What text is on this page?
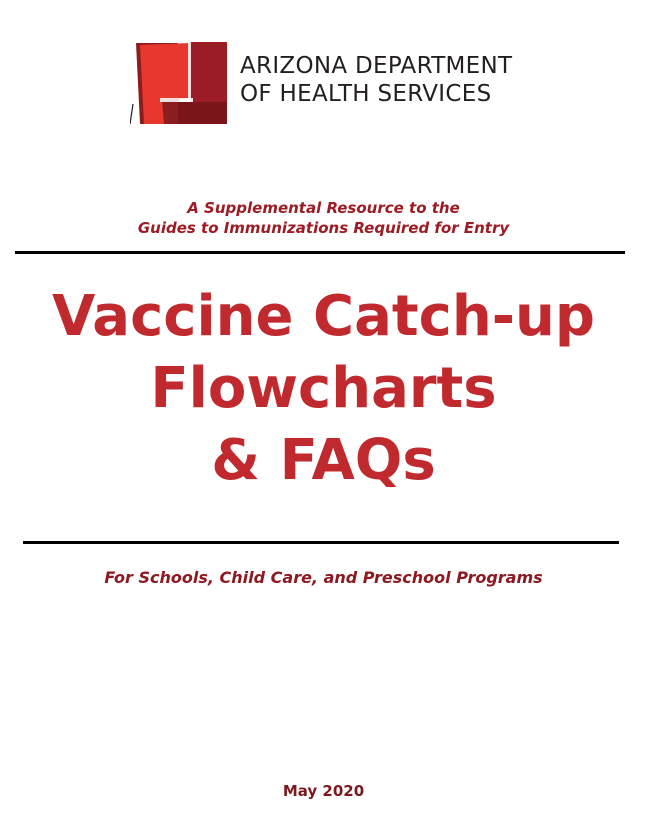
ARIZONA DEPARTMENT
OF HEALTH SERVICES
A Supplemental Resource to the
Guides to Immunizations Required for Entry
Vaccine Catch-up
Flowcharts
& FAQs
For Schools, Child Care, and Preschool Programs
May 2020
